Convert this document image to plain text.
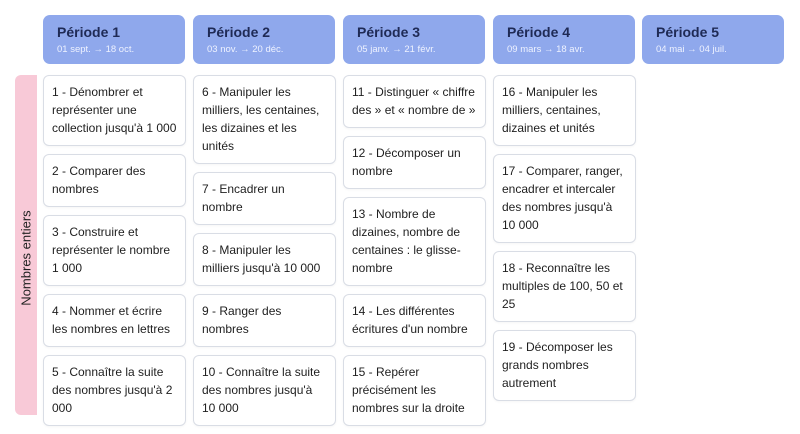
Période 1
01 sept. → 18 oct.
Période 2
03 nov. → 20 déc.
Période 3
05 janv. → 21 févr.
Période 4
09 mars → 18 avr.
Période 5
04 mai → 04 juil.
Nombres entiers
1 - Dénombrer et représenter une collection jusqu'à 1 000
2 - Comparer des nombres
3 - Construire et représenter le nombre 1 000
4 - Nommer et écrire les nombres en lettres
5 - Connaître la suite des nombres jusqu'à 2 000
6 - Manipuler les milliers, les centaines, les dizaines et les unités
7 - Encadrer un nombre
8 - Manipuler les milliers jusqu'à 10 000
9 - Ranger des nombres
10 - Connaître la suite des nombres jusqu'à 10 000
11 - Distinguer « chiffre des » et « nombre de »
12 - Décomposer un nombre
13 - Nombre de dizaines, nombre de centaines : le glisse-nombre
14 - Les différentes écritures d'un nombre
15 - Repérer précisément les nombres sur la droite
16 - Manipuler les milliers, centaines, dizaines et unités
17 - Comparer, ranger, encadrer et intercaler des nombres jusqu'à 10 000
18 - Reconnaître les multiples de 100, 50 et 25
19 - Décomposer les grands nombres autrement
